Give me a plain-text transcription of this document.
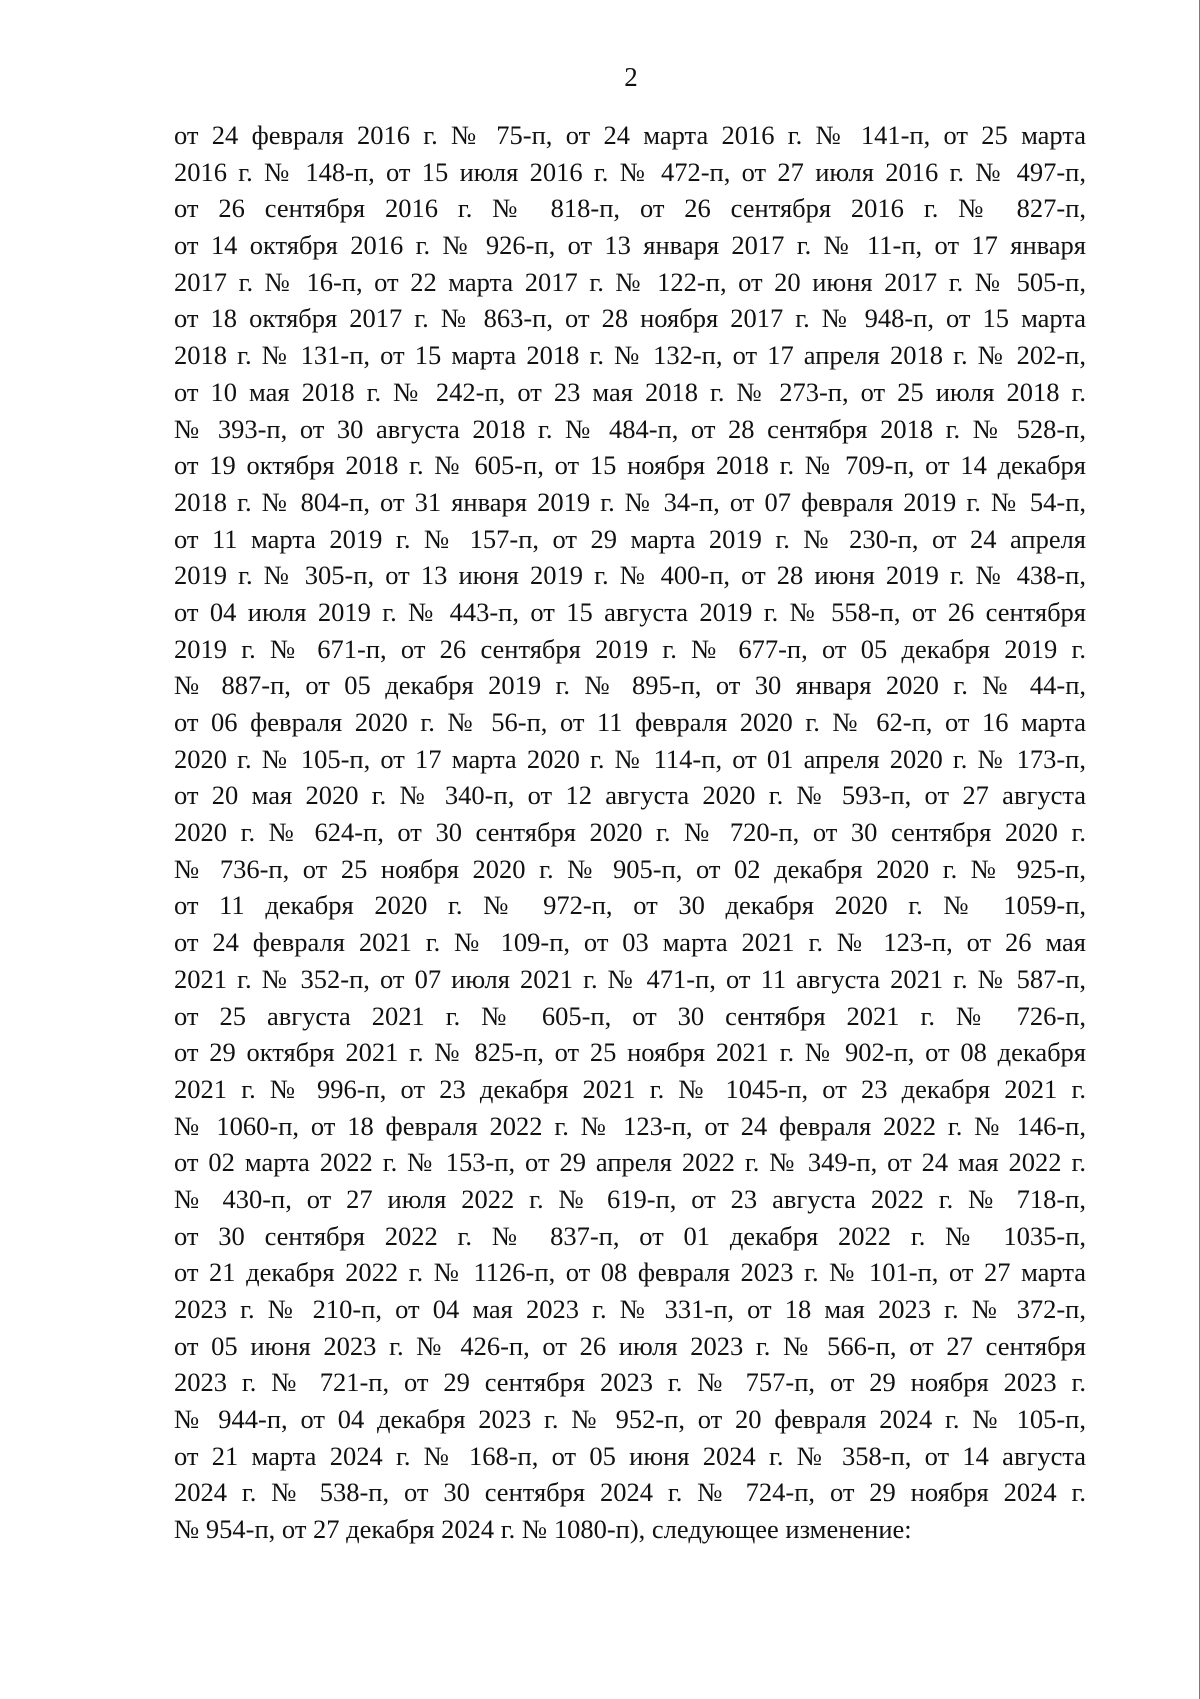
2

от 24 февраля 2016 г. № 75-п, от 24 марта 2016 г. № 141-п, от 25 марта
2016 г. № 148-п, от 15 июля 2016 г. № 472-п, от 27 июля 2016 г. № 497-п,
от 26 сентября 2016 г. № 818-п, от 26 сентября 2016 г. № 827-п,
от 14 октября 2016 г. № 926-п, от 13 января 2017 г. № 11-п, от 17 января
2017 г. № 16-п, от 22 марта 2017 г. № 122-п, от 20 июня 2017 г. № 505-п,
от 18 октября 2017 г. № 863-п, от 28 ноября 2017 г. № 948-п, от 15 марта
2018 г. № 131-п, от 15 марта 2018 г. № 132-п, от 17 апреля 2018 г. № 202-п,
от 10 мая 2018 г. № 242-п, от 23 мая 2018 г. № 273-п, от 25 июля 2018 г.
№ 393-п, от 30 августа 2018 г. № 484-п, от 28 сентября 2018 г. № 528-п,
от 19 октября 2018 г. № 605-п, от 15 ноября 2018 г. № 709-п, от 14 декабря
2018 г. № 804-п, от 31 января 2019 г. № 34-п, от 07 февраля 2019 г. № 54-п,
от 11 марта 2019 г. № 157-п, от 29 марта 2019 г. № 230-п, от 24 апреля
2019 г. № 305-п, от 13 июня 2019 г. № 400-п, от 28 июня 2019 г. № 438-п,
от 04 июля 2019 г. № 443-п, от 15 августа 2019 г. № 558-п, от 26 сентября
2019 г. № 671-п, от 26 сентября 2019 г. № 677-п, от 05 декабря 2019 г.
№ 887-п, от 05 декабря 2019 г. № 895-п, от 30 января 2020 г. № 44-п,
от 06 февраля 2020 г. № 56-п, от 11 февраля 2020 г. № 62-п, от 16 марта
2020 г. № 105-п, от 17 марта 2020 г. № 114-п, от 01 апреля 2020 г. № 173-п,
от 20 мая 2020 г. № 340-п, от 12 августа 2020 г. № 593-п, от 27 августа
2020 г. № 624-п, от 30 сентября 2020 г. № 720-п, от 30 сентября 2020 г.
№ 736-п, от 25 ноября 2020 г. № 905-п, от 02 декабря 2020 г. № 925-п,
от 11 декабря 2020 г. № 972-п, от 30 декабря 2020 г. № 1059-п,
от 24 февраля 2021 г. № 109-п, от 03 марта 2021 г. № 123-п, от 26 мая
2021 г. № 352-п, от 07 июля 2021 г. № 471-п, от 11 августа 2021 г. № 587-п,
от 25 августа 2021 г. № 605-п, от 30 сентября 2021 г. № 726-п,
от 29 октября 2021 г. № 825-п, от 25 ноября 2021 г. № 902-п, от 08 декабря
2021 г. № 996-п, от 23 декабря 2021 г. № 1045-п, от 23 декабря 2021 г.
№ 1060-п, от 18 февраля 2022 г. № 123-п, от 24 февраля 2022 г. № 146-п,
от 02 марта 2022 г. № 153-п, от 29 апреля 2022 г. № 349-п, от 24 мая 2022 г.
№ 430-п, от 27 июля 2022 г. № 619-п, от 23 августа 2022 г. № 718-п,
от 30 сентября 2022 г. № 837-п, от 01 декабря 2022 г. № 1035-п,
от 21 декабря 2022 г. № 1126-п, от 08 февраля 2023 г. № 101-п, от 27 марта
2023 г. № 210-п, от 04 мая 2023 г. № 331-п, от 18 мая 2023 г. № 372-п,
от 05 июня 2023 г. № 426-п, от 26 июля 2023 г. № 566-п, от 27 сентября
2023 г. № 721-п, от 29 сентября 2023 г. № 757-п, от 29 ноября 2023 г.
№ 944-п, от 04 декабря 2023 г. № 952-п, от 20 февраля 2024 г. № 105-п,
от 21 марта 2024 г. № 168-п, от 05 июня 2024 г. № 358-п, от 14 августа
2024 г. № 538-п, от 30 сентября 2024 г. № 724-п, от 29 ноября 2024 г.
№ 954-п, от 27 декабря 2024 г. № 1080-п), следующее изменение:
